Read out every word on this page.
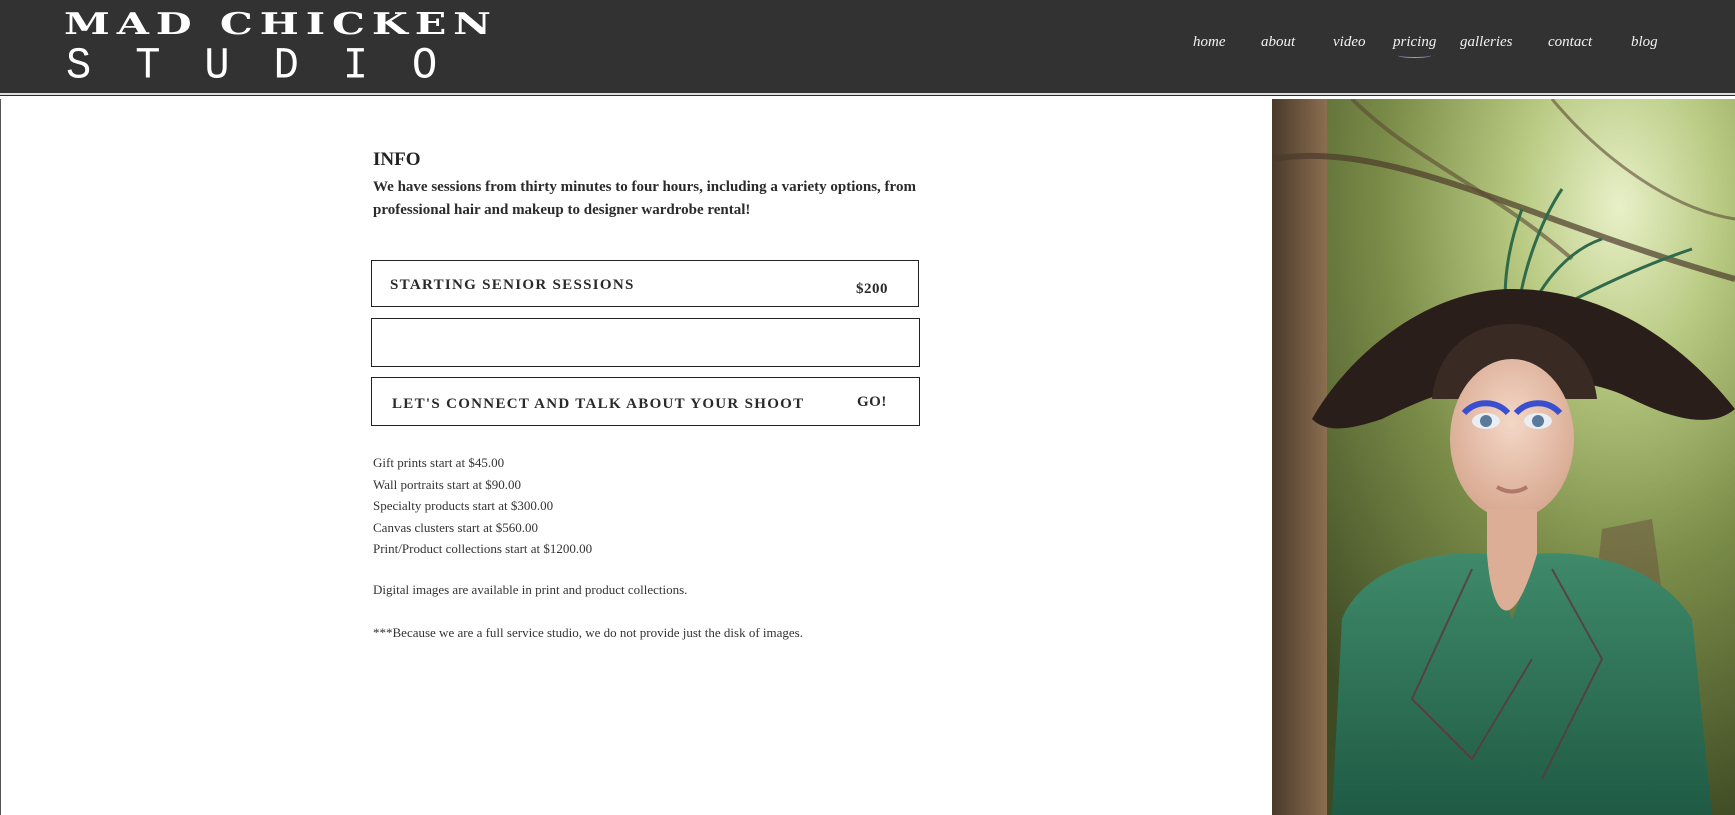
MAD CHICKEN
STUDIO	home about	video pricing galleries contact	blog
INFO
We have sessions from thirty minutes to four hours, including a variety options, from professional hair and makeup to designer wardrobe rental!
STARTING SENIOR SESSIONS	$200
LET'S CONNECT AND TALK ABOUT YOUR SHOOT	GO!
Gift prints start at $45.00
Wall portraits start at $90.00
Specialty products start at $300.00
Canvas clusters start at $560.00
Print/Product collections start at $1200.00
Digital images are available in print and product collections.
***Because we are a full service studio, we do not provide just the disk of images.
